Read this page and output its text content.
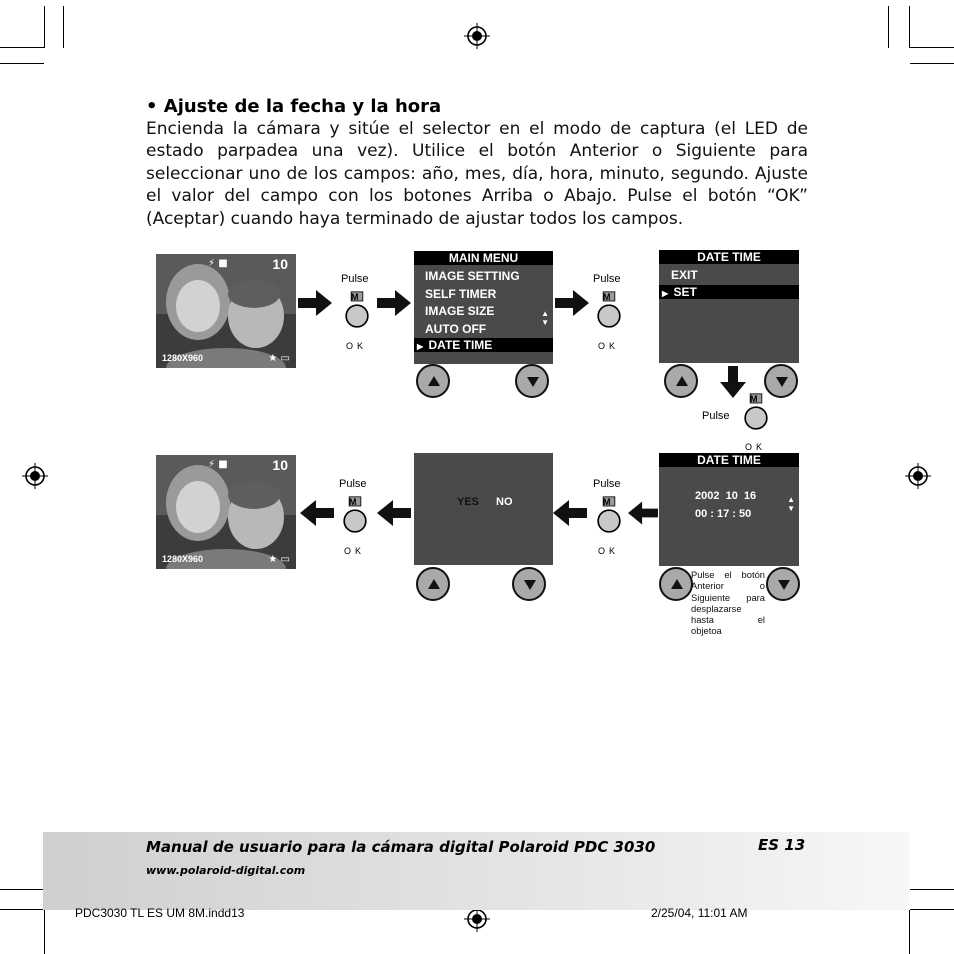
• Ajuste de la fecha y la hora
Encienda la cámara y sitúe el selector en el modo de captura (el LED de estado parpadea una vez). Utilice el botón Anterior o Siguiente para seleccionar uno de los campos: año, mes, día, hora, minuto, segundo. Ajuste el valor del campo con los botones Arriba o Abajo. Pulse el botón “OK” (Aceptar) cuando haya terminado de ajustar todos los campos.
⚡ ■	10
1280X960	★ ▭
Pulse
M
OK
MAIN MENU
IMAGE SETTING
SELF TIMER
IMAGE SIZE
AUTO OFF
▶ DATE TIME
▲
▼
Pulse
M
OK
DATE TIME
EXIT
▶ SET
Pulse
M
OK
⚡ ■	10
1280X960	★ ▭
Pulse
M
OK
YES NO
Pulse
M
OK
DATE TIME
2002  10  16
00 : 17 : 50
▲
▼
Pulse el botón
Anterior o
Siguiente para
desplazarse
hasta el
objetoa
Manual de usuario para la cámara digital Polaroid PDC 3030	ES 13
www.polaroid-digital.com
PDC3030 TL ES UM 8M.indd13	2/25/04, 11:01 AM
